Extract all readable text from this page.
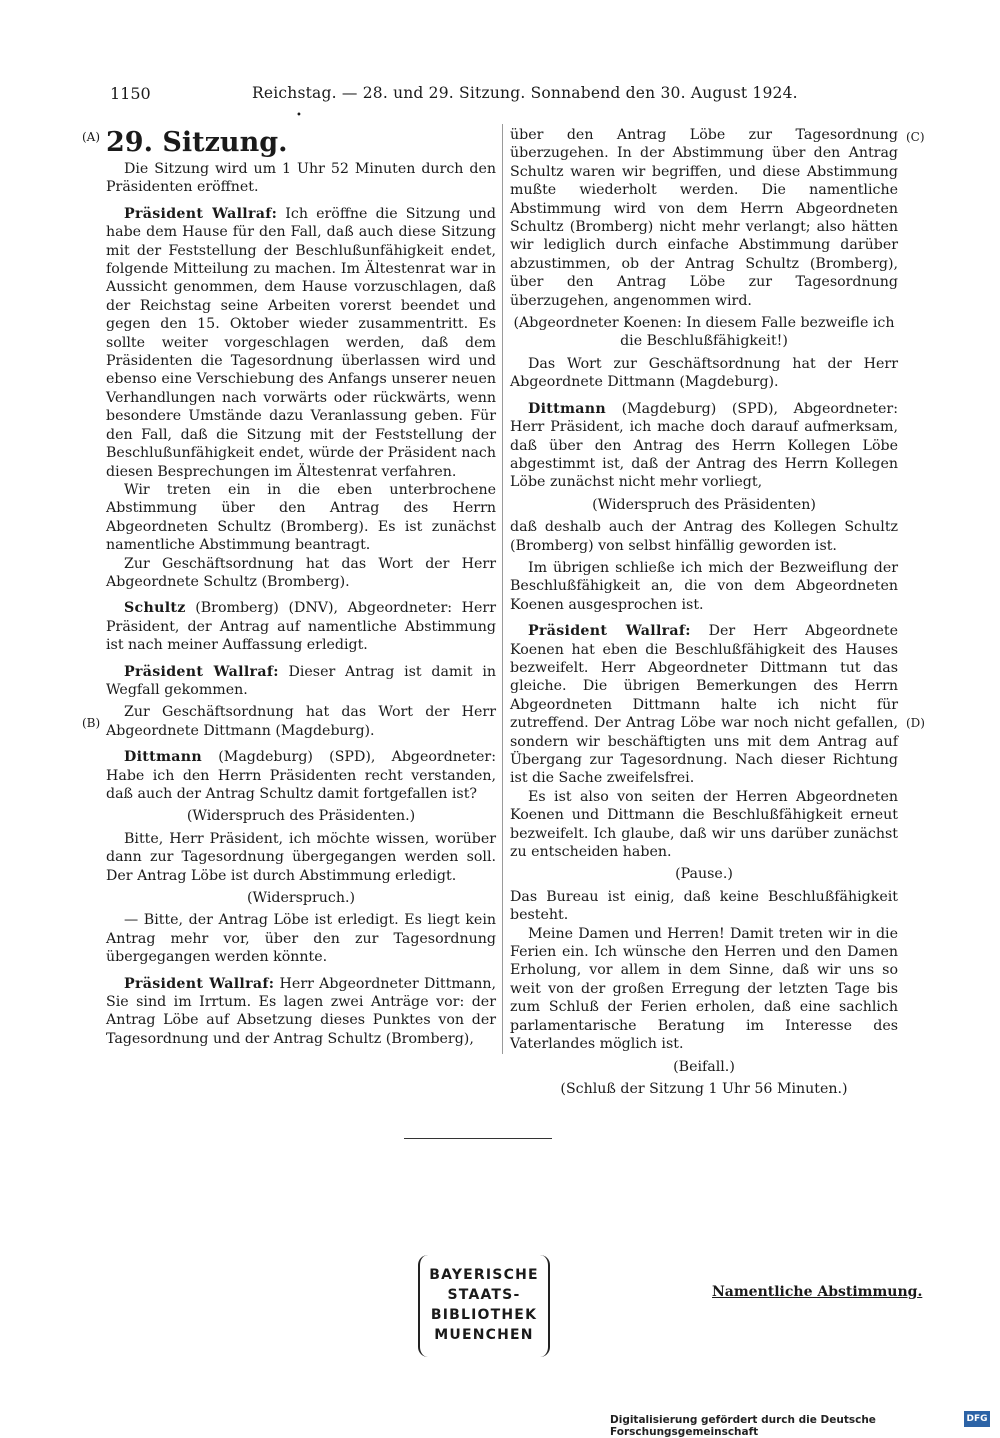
1150	Reichstag. — 28. und 29. Sitzung. Sonnabend den 30. August 1924.
•
(A)
(B)
(C)
(D)

29. Sitzung.

Die Sitzung wird um 1 Uhr 52 Minuten durch den Präsidenten eröffnet.

Präsident Wallraf: Ich eröffne die Sitzung und habe dem Hause für den Fall, daß auch diese Sitzung mit der Feststellung der Beschlußunfähigkeit endet, folgende Mitteilung zu machen. Im Ältestenrat war in Aussicht genommen, dem Hause vorzuschlagen, daß der Reichstag seine Arbeiten vorerst beendet und gegen den 15. Oktober wieder zusammentritt. Es sollte weiter vorgeschlagen werden, daß dem Präsidenten die Tagesordnung überlassen wird und ebenso eine Verschiebung des Anfangs unserer neuen Verhandlungen nach vorwärts oder rückwärts, wenn besondere Umstände dazu Veranlassung geben. Für den Fall, daß die Sitzung mit der Feststellung der Beschlußunfähigkeit endet, würde der Präsident nach diesen Besprechungen im Ältestenrat verfahren.

Wir treten ein in die eben unterbrochene Abstimmung über den Antrag des Herrn Abgeordneten Schultz (Bromberg). Es ist zunächst namentliche Abstimmung beantragt.

Zur Geschäftsordnung hat das Wort der Herr Abgeordnete Schultz (Bromberg).

Schultz (Bromberg) (DNV), Abgeordneter: Herr Präsident, der Antrag auf namentliche Abstimmung ist nach meiner Auffassung erledigt.

Präsident Wallraf: Dieser Antrag ist damit in Wegfall gekommen.

Zur Geschäftsordnung hat das Wort der Herr Abgeordnete Dittmann (Magdeburg).

Dittmann (Magdeburg) (SPD), Abgeordneter: Habe ich den Herrn Präsidenten recht verstanden, daß auch der Antrag Schultz damit fortgefallen ist?

(Widerspruch des Präsidenten.)

Bitte, Herr Präsident, ich möchte wissen, worüber dann zur Tagesordnung übergegangen werden soll. Der Antrag Löbe ist durch Abstimmung erledigt.

(Widerspruch.)

— Bitte, der Antrag Löbe ist erledigt. Es liegt kein Antrag mehr vor, über den zur Tagesordnung übergegangen werden könnte.

Präsident Wallraf: Herr Abgeordneter Dittmann, Sie sind im Irrtum. Es lagen zwei Anträge vor: der Antrag Löbe auf Absetzung dieses Punktes von der Tagesordnung und der Antrag Schultz (Bromberg),

über den Antrag Löbe zur Tagesordnung überzugehen. In der Abstimmung über den Antrag Schultz waren wir begriffen, und diese Abstimmung mußte wiederholt werden. Die namentliche Abstimmung wird von dem Herrn Abgeordneten Schultz (Bromberg) nicht mehr verlangt; also hätten wir lediglich durch einfache Abstimmung darüber abzustimmen, ob der Antrag Schultz (Bromberg), über den Antrag Löbe zur Tagesordnung überzugehen, angenommen wird.

(Abgeordneter Koenen: In diesem Falle bezweifle ich die Beschlußfähigkeit!)

Das Wort zur Geschäftsordnung hat der Herr Abgeordnete Dittmann (Magdeburg).

Dittmann (Magdeburg) (SPD), Abgeordneter: Herr Präsident, ich mache doch darauf aufmerksam, daß über den Antrag des Herrn Kollegen Löbe abgestimmt ist, daß der Antrag des Herrn Kollegen Löbe zunächst nicht mehr vorliegt,

(Widerspruch des Präsidenten)

daß deshalb auch der Antrag des Kollegen Schultz (Bromberg) von selbst hinfällig geworden ist.

Im übrigen schließe ich mich der Bezweiflung der Beschlußfähigkeit an, die von dem Abgeordneten Koenen ausgesprochen ist.

Präsident Wallraf: Der Herr Abgeordnete Koenen hat eben die Beschlußfähigkeit des Hauses bezweifelt. Herr Abgeordneter Dittmann tut das gleiche. Die übrigen Bemerkungen des Herrn Abgeordneten Dittmann halte ich nicht für zutreffend. Der Antrag Löbe war noch nicht gefallen, sondern wir beschäftigten uns mit dem Antrag auf Übergang zur Tagesordnung. Nach dieser Richtung ist die Sache zweifelsfrei.

Es ist also von seiten der Herren Abgeordneten Koenen und Dittmann die Beschlußfähigkeit erneut bezweifelt. Ich glaube, daß wir uns darüber zunächst zu entscheiden haben.

(Pause.)

Das Bureau ist einig, daß keine Beschlußfähigkeit besteht.

Meine Damen und Herren! Damit treten wir in die Ferien ein. Ich wünsche den Herren und den Damen Erholung, vor allem in dem Sinne, daß wir uns so weit von der großen Erregung der letzten Tage bis zum Schluß der Ferien erholen, daß eine sachlich parlamentarische Beratung im Interesse des Vaterlandes möglich ist.

(Beifall.)

(Schluß der Sitzung 1 Uhr 56 Minuten.)

BAYERISCHE
STAATS-
BIBLIOTHEK
MUENCHEN
Namentliche Abstimmung.
Digitalisierung gefördert durch die Deutsche Forschungsgemeinschaft
DFG
